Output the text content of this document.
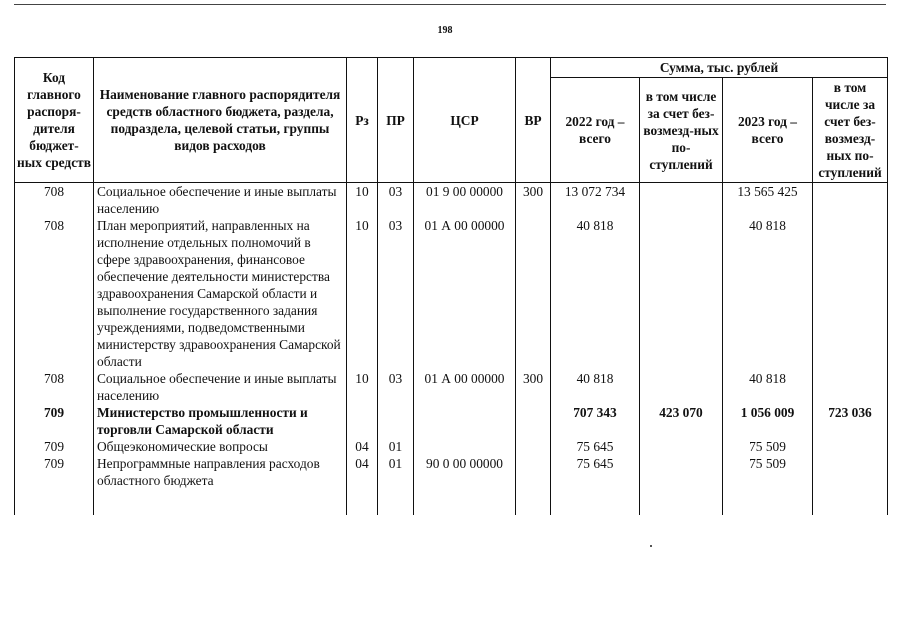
198
Код главного распоря-дителя бюджет-ных средств	Наименование главного распорядителя средств областного бюджета, раздела, подраздела, целевой статьи, группы видов расходов	Рз	ПР	ЦСР	ВР	Сумма, тыс. рублей			
						2022 год – всего	в том числе за счет без-возмезд-ных по-ступлений	2023 год – всего	в том числе за счет без-возмезд-ных по-ступлений
708	Социальное обеспечение и иные выплаты населению	10	03	01 9 00 00000	300	13 072 734		13 565 425	
708	План мероприятий, направленных на исполнение отдельных полномочий в сфере здравоохранения, финансовое обеспечение деятельности министерства здравоохранения Самарской области и выполнение государственного задания учреждениями, подведомственными министерству здравоохранения Самарской области	10	03	01 А 00 00000		40 818		40 818	
708	Социальное обеспечение и иные выплаты населению	10	03	01 А 00 00000	300	40 818		40 818	
709	Министерство промышленности и торговли Самарской области					707 343	423 070	1 056 009	723 036
709	Общеэкономические вопросы	04	01			75 645		75 509	
709	Непрограммные направления расходов областного бюджета	04	01	90 0 00 00000		75 645		75 509	
